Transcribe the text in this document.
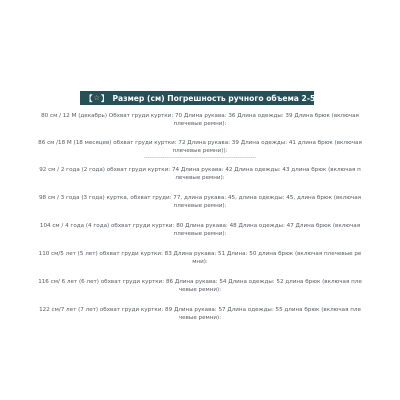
【 ☆ 】 Размер (см) Погрешность ручного объема 2-5 см:
80 см / 12 М (декабрь) Обхват груди куртки: 70 Длина рукава: 36 Длина одежды: 39 Длина брюк (включая
плечевые ремни):
86 см /18 М (18 месяцев) обхват груди куртки: 72 Длина рукава: 39 Длина одежды: 41 длина брюк (включая
плечевые ремни)):
------------------------------------------------------------
92 см / 2 года (2 года) обхват груди куртки: 74 Длина рукава: 42 Длина одежды: 43 длина брюк (включая п
лечевые ремни):
98 см / 3 года (3 года) куртка, обхват груди: 77, длина рукава: 45, длина одежды: 45, длина брюк (включая
плечевые ремни):
104 см / 4 года (4 года) обхват груди куртки: 80 Длина рукава: 48 Длина одежды: 47 Длина брюк (включая
плечевые ремни):
110 см/5 лет (5 лет) обхват груди куртки: 83 Длина рукава: 51 Длина: 50 длина брюк (включая плечевые ре
мни):
116 см/ 6 лет (6 лет) обхват груди куртки: 86 Длина рукава: 54 Длина одежды: 52 длина брюк (включая пле
чевые ремни):
122 см/7 лет (7 лет) обхват груди куртки: 89 Длина рукава: 57 Длина одежды: 55 длина брюк (включая пле
чевые ремни):
